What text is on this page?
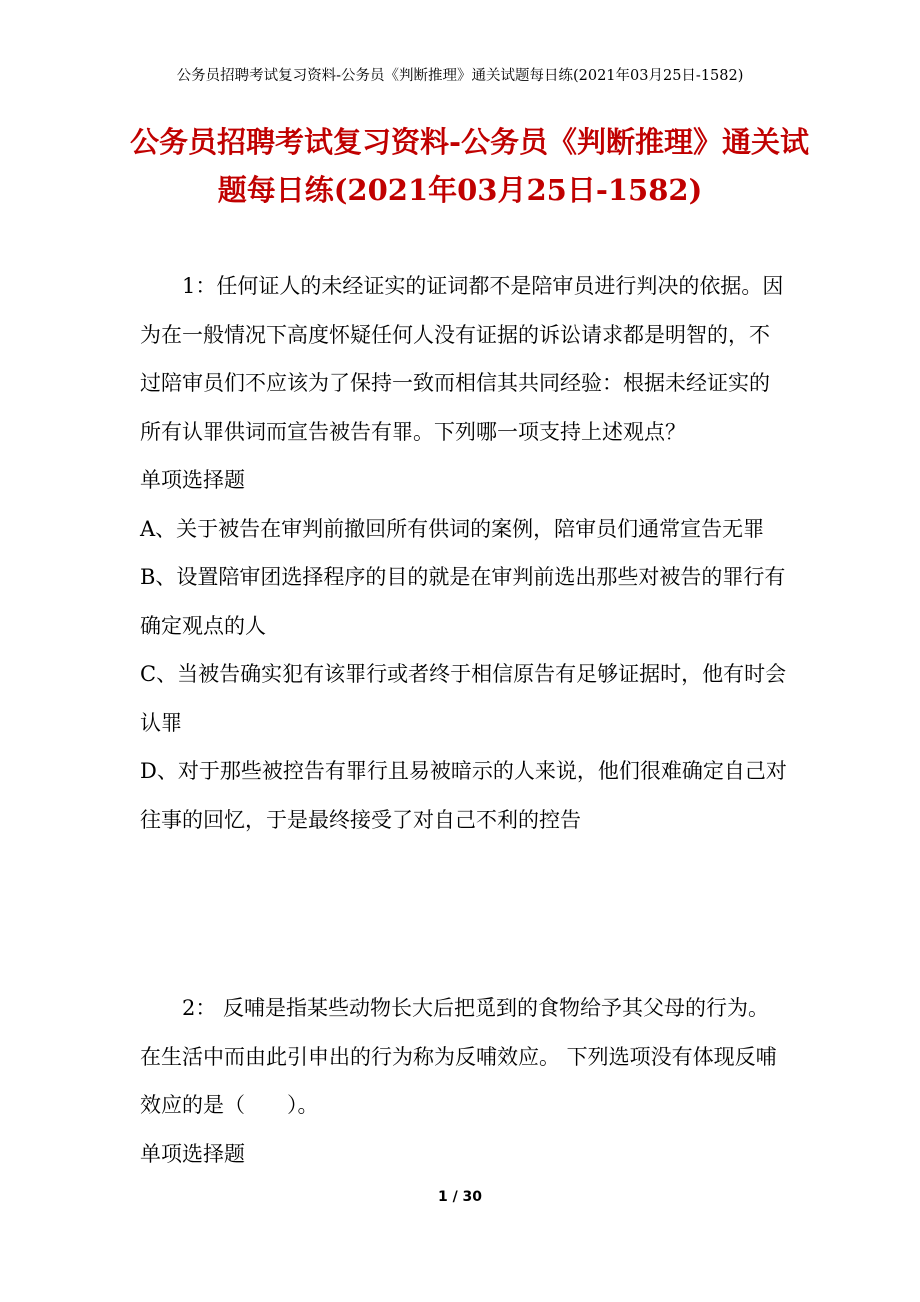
公务员招聘考试复习资料-公务员《判断推理》通关试题每日练(2021年03月25日-1582)
公务员招聘考试复习资料-公务员《判断推理》通关试
题每日练(2021年03月25日-1582)

1：任何证人的未经证实的证词都不是陪审员进行判决的依据。因为在一般情况下高度怀疑任何人没有证据的诉讼请求都是明智的，不过陪审员们不应该为了保持一致而相信其共同经验：根据未经证实的所有认罪供词而宣告被告有罪。下列哪一项支持上述观点？

单项选择题

A、关于被告在审判前撤回所有供词的案例，陪审员们通常宣告无罪

B、设置陪审团选择程序的目的就是在审判前选出那些对被告的罪行有确定观点的人

C、当被告确实犯有该罪行或者终于相信原告有足够证据时，他有时会认罪

D、对于那些被控告有罪行且易被暗示的人来说，他们很难确定自己对往事的回忆，于是最终接受了对自己不利的控告

2： 反哺是指某些动物长大后把觅到的食物给予其父母的行为。在生活中而由此引申出的行为称为反哺效应。 下列选项没有体现反哺效应的是（　　）。

单项选择题

1 / 30
